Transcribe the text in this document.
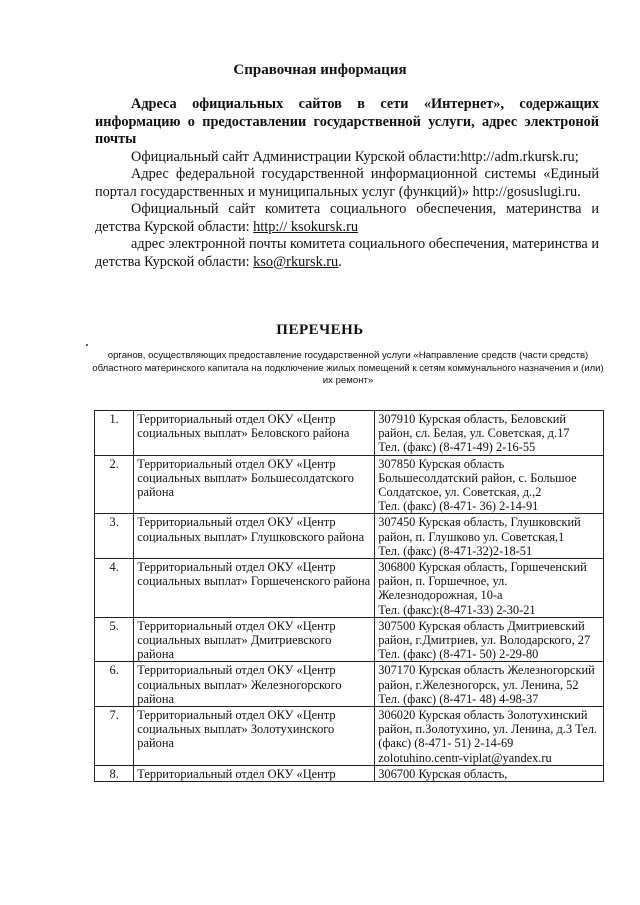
Справочная информация

Адреса официальных сайтов в сети «Интернет», содержащих информацию о предоставлении государственной услуги, адрес электроной почты

Официальный сайт Администрации Курской области:http://adm.rkursk.ru;

Адрес федеральной государственной информационной системы «Единый портал государственных и муниципальных услуг (функций)» http://gosuslugi.ru.

Официальный сайт комитета социального обеспечения, материнства и детства Курской области: http:// ksokursk.ru

адрес электронной почты комитета социального обеспечения, материнства и детства Курской области: kso@rkursk.ru.

ПЕРЕЧЕНЬ
органов, осуществляющих предоставление государственной услуги «Направление средств (части средств) областного материнского капитала на подключение жилых помещений к сетям коммунального назначения и (или) их ремонт»
1.	Территориальный отдел ОКУ «Центр социальных выплат» Беловского района	307910 Курская область, Беловский район, сл. Белая, ул. Советская, д.17
Тел. (факс) (8-471-49) 2-16-55

2.	Территориальный отдел ОКУ «Центр социальных выплат» Большесолдатского района	307850 Курская область Большесолдатский район, с. Большое Солдатское, ул. Советская, д.,2
Тел. (факс) (8-471- 36) 2-14-91

3.	Территориальный отдел ОКУ «Центр социальных выплат» Глушковского района	307450 Курская область, Глушковский район, п. Глушково ул. Советская,1
Тел. (факс) (8-471-32)2-18-51

4.	Территориальный отдел ОКУ «Центр социальных выплат» Горшеченского района	306800 Курская область, Горшеченский район, п. Горшечное, ул. Железнодорожная, 10-а
Тел. (факс):(8-471-33) 2-30-21

5.	Территориальный отдел ОКУ «Центр социальных выплат» Дмитриевского района	307500 Курская область Дмитриевский район, г.Дмитриев, ул. Володарского, 27
Тел. (факс) (8-471- 50) 2-29-80

6.	Территориальный отдел ОКУ «Центр социальных выплат» Железногорского района	307170 Курская область Железногорский район, г.Железногорск, ул. Ленина, 52
Тел. (факс) (8-471- 48) 4-98-37

7.	Территориальный отдел ОКУ «Центр социальных выплат» Золотухинского района	306020 Курская область Золотухинский район, п.Золотухино, ул. Ленина, д.3 Тел. (факс) (8-471- 51) 2-14-69
zolotuhino.centr-viplat@yandex.ru

8.	Территориальный отдел ОКУ «Центр	306700 Курская область,
